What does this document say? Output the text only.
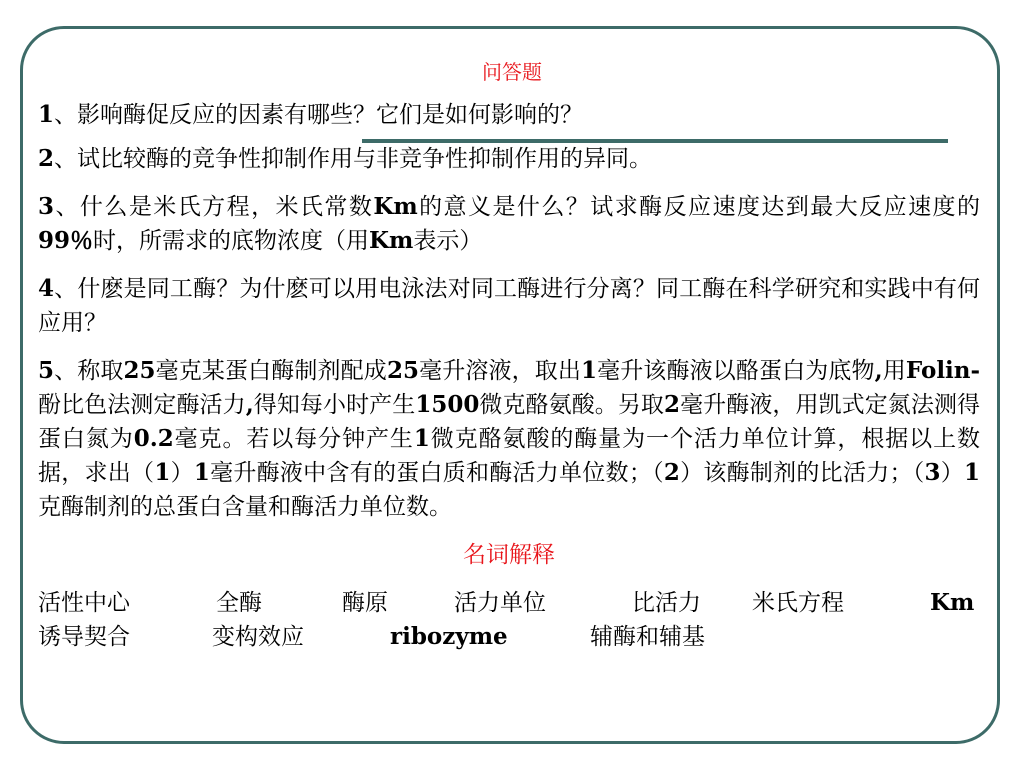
问答题

1、影响酶促反应的因素有哪些？它们是如何影响的？

2、试比较酶的竞争性抑制作用与非竞争性抑制作用的异同。

3、什么是米氏方程，米氏常数Km的意义是什么？试求酶反应速度达到最大反应速度的99％时，所需求的底物浓度（用Km表示）

4、什麽是同工酶？为什麽可以用电泳法对同工酶进行分离？同工酶在科学研究和实践中有何应用？

5、称取25毫克某蛋白酶制剂配成25毫升溶液，取出1毫升该酶液以酪蛋白为底物,用Folin-酚比色法测定酶活力,得知每小时产生1500微克酪氨酸。另取2毫升酶液，用凯式定氮法测得蛋白氮为0.2毫克。若以每分钟产生1微克酪氨酸的酶量为一个活力单位计算，根据以上数据，求出（1）1毫升酶液中含有的蛋白质和酶活力单位数；（2）该酶制剂的比活力；（3）1克酶制剂的总蛋白含量和酶活力单位数。

名词解释
活性中心	全酶	酶原	活力单位	比活力	米氏方程	Km
诱导契合	变构效应	ribozyme	辅酶和辅基
